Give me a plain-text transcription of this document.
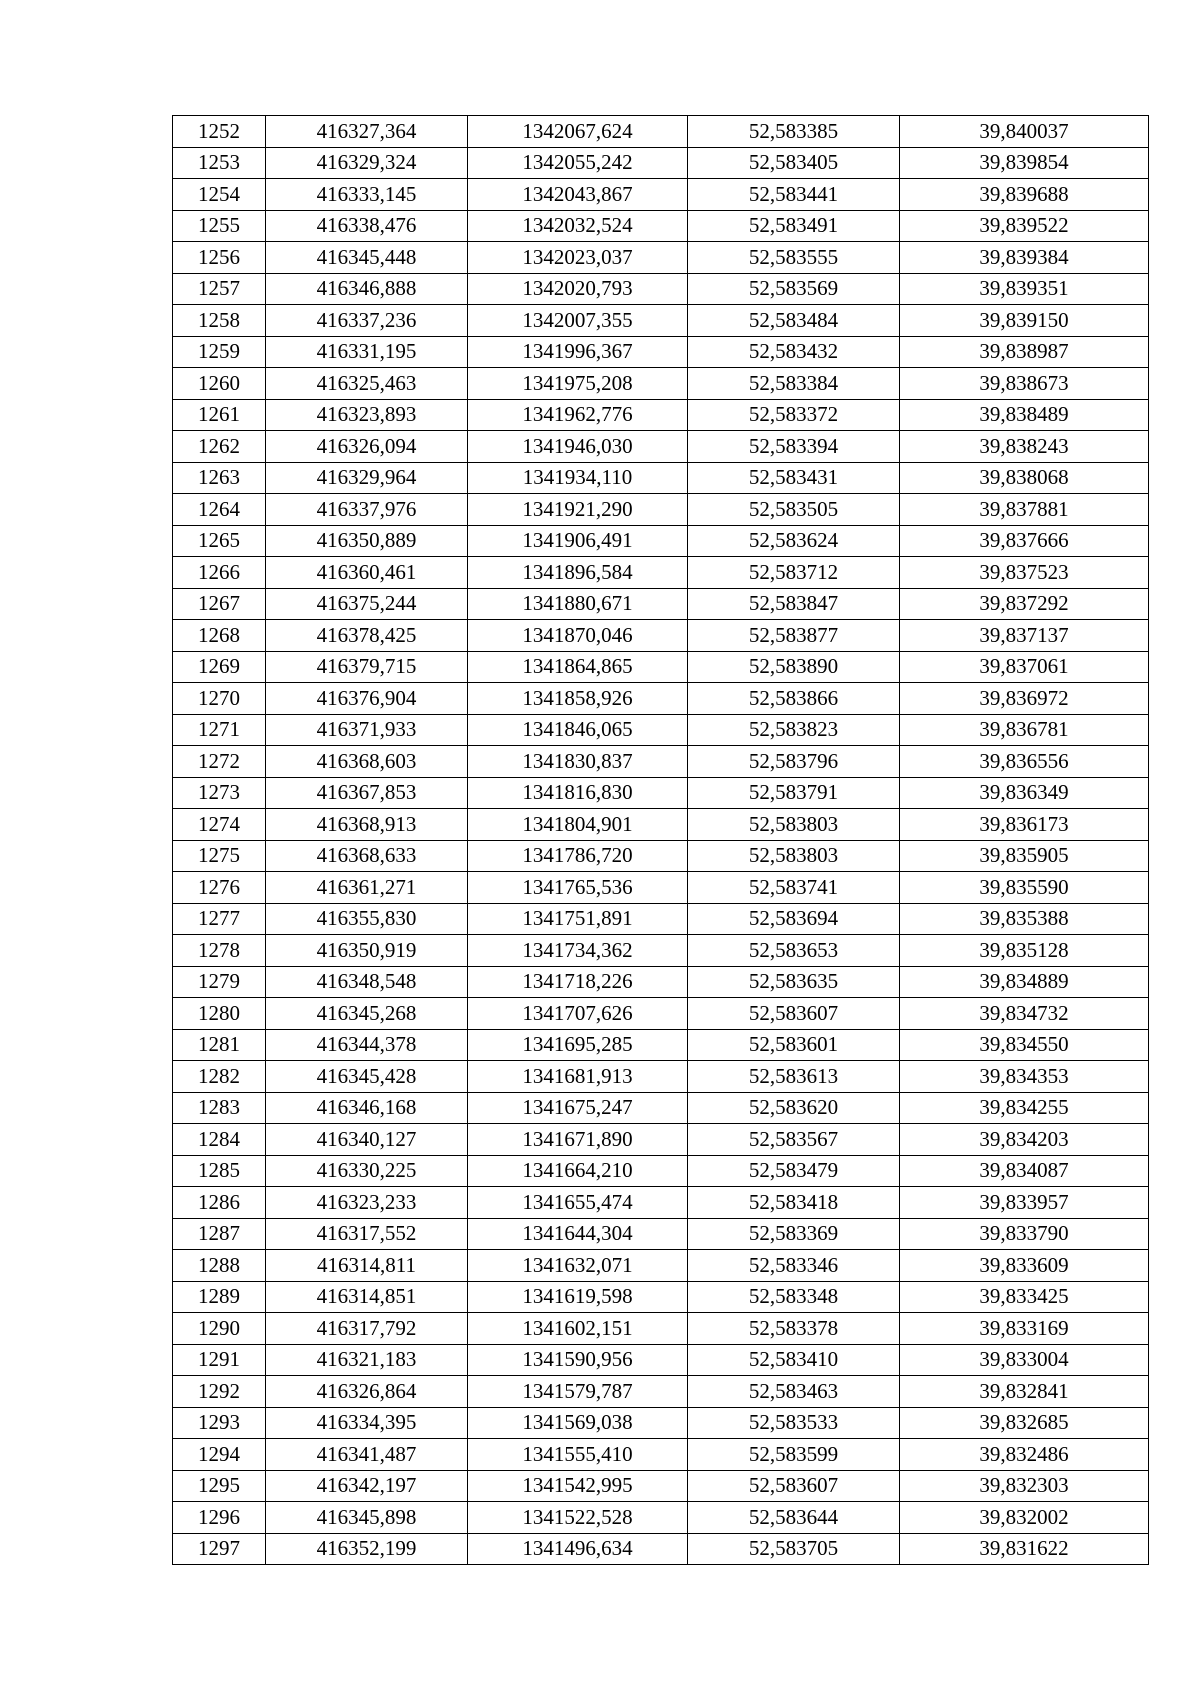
1252	416327,364	1342067,624	52,583385	39,840037
1253	416329,324	1342055,242	52,583405	39,839854
1254	416333,145	1342043,867	52,583441	39,839688
1255	416338,476	1342032,524	52,583491	39,839522
1256	416345,448	1342023,037	52,583555	39,839384
1257	416346,888	1342020,793	52,583569	39,839351
1258	416337,236	1342007,355	52,583484	39,839150
1259	416331,195	1341996,367	52,583432	39,838987
1260	416325,463	1341975,208	52,583384	39,838673
1261	416323,893	1341962,776	52,583372	39,838489
1262	416326,094	1341946,030	52,583394	39,838243
1263	416329,964	1341934,110	52,583431	39,838068
1264	416337,976	1341921,290	52,583505	39,837881
1265	416350,889	1341906,491	52,583624	39,837666
1266	416360,461	1341896,584	52,583712	39,837523
1267	416375,244	1341880,671	52,583847	39,837292
1268	416378,425	1341870,046	52,583877	39,837137
1269	416379,715	1341864,865	52,583890	39,837061
1270	416376,904	1341858,926	52,583866	39,836972
1271	416371,933	1341846,065	52,583823	39,836781
1272	416368,603	1341830,837	52,583796	39,836556
1273	416367,853	1341816,830	52,583791	39,836349
1274	416368,913	1341804,901	52,583803	39,836173
1275	416368,633	1341786,720	52,583803	39,835905
1276	416361,271	1341765,536	52,583741	39,835590
1277	416355,830	1341751,891	52,583694	39,835388
1278	416350,919	1341734,362	52,583653	39,835128
1279	416348,548	1341718,226	52,583635	39,834889
1280	416345,268	1341707,626	52,583607	39,834732
1281	416344,378	1341695,285	52,583601	39,834550
1282	416345,428	1341681,913	52,583613	39,834353
1283	416346,168	1341675,247	52,583620	39,834255
1284	416340,127	1341671,890	52,583567	39,834203
1285	416330,225	1341664,210	52,583479	39,834087
1286	416323,233	1341655,474	52,583418	39,833957
1287	416317,552	1341644,304	52,583369	39,833790
1288	416314,811	1341632,071	52,583346	39,833609
1289	416314,851	1341619,598	52,583348	39,833425
1290	416317,792	1341602,151	52,583378	39,833169
1291	416321,183	1341590,956	52,583410	39,833004
1292	416326,864	1341579,787	52,583463	39,832841
1293	416334,395	1341569,038	52,583533	39,832685
1294	416341,487	1341555,410	52,583599	39,832486
1295	416342,197	1341542,995	52,583607	39,832303
1296	416345,898	1341522,528	52,583644	39,832002
1297	416352,199	1341496,634	52,583705	39,831622
